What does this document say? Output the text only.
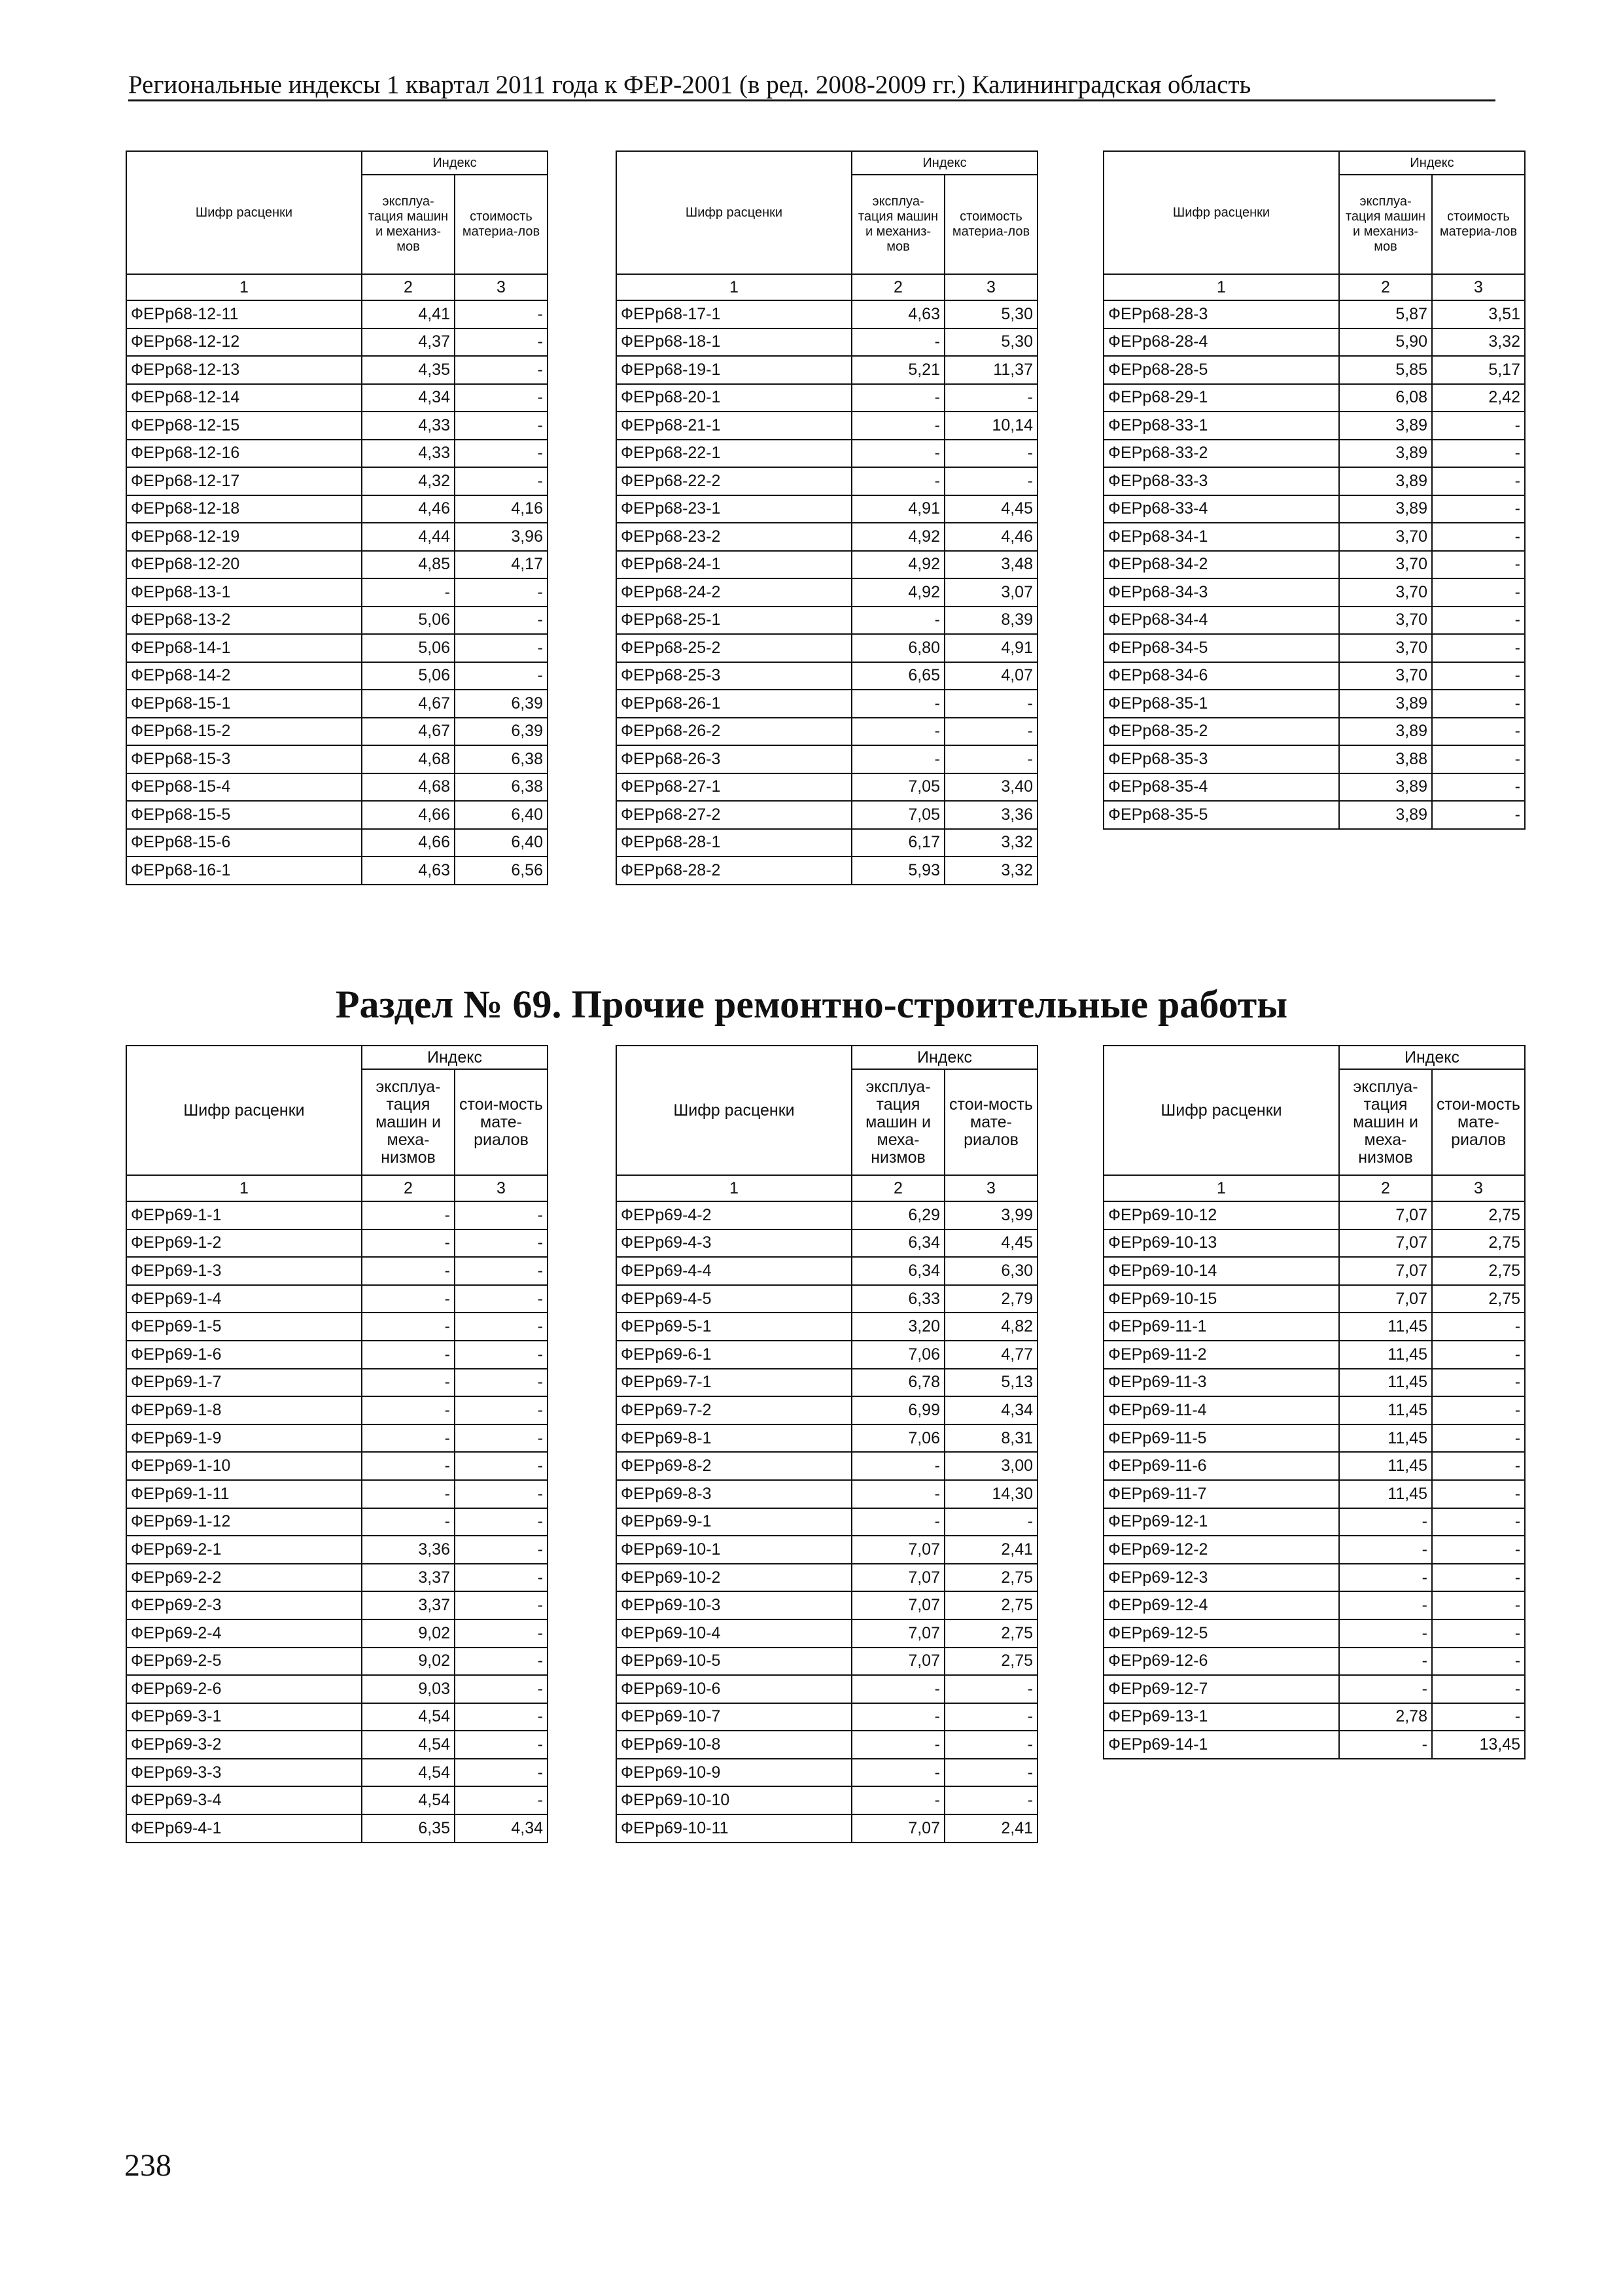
Региональные индексы 1 квартал 2011 года к ФЕР-2001 (в ред. 2008-2009 гг.) Калининградская область
Шифр расценки	Индекс	
	эксплуа-тация машин и механиз-мов	стоимость материа-лов
1	2	3
ФЕРр68-12-11	4,41	-
ФЕРр68-12-12	4,37	-
ФЕРр68-12-13	4,35	-
ФЕРр68-12-14	4,34	-
ФЕРр68-12-15	4,33	-
ФЕРр68-12-16	4,33	-
ФЕРр68-12-17	4,32	-
ФЕРр68-12-18	4,46	4,16
ФЕРр68-12-19	4,44	3,96
ФЕРр68-12-20	4,85	4,17
ФЕРр68-13-1	-	-
ФЕРр68-13-2	5,06	-
ФЕРр68-14-1	5,06	-
ФЕРр68-14-2	5,06	-
ФЕРр68-15-1	4,67	6,39
ФЕРр68-15-2	4,67	6,39
ФЕРр68-15-3	4,68	6,38
ФЕРр68-15-4	4,68	6,38
ФЕРр68-15-5	4,66	6,40
ФЕРр68-15-6	4,66	6,40
ФЕРр68-16-1	4,63	6,56
Шифр расценки	Индекс	
	эксплуа-тация машин и механиз-мов	стоимость материа-лов
1	2	3
ФЕРр68-17-1	4,63	5,30
ФЕРр68-18-1	-	5,30
ФЕРр68-19-1	5,21	11,37
ФЕРр68-20-1	-	-
ФЕРр68-21-1	-	10,14
ФЕРр68-22-1	-	-
ФЕРр68-22-2	-	-
ФЕРр68-23-1	4,91	4,45
ФЕРр68-23-2	4,92	4,46
ФЕРр68-24-1	4,92	3,48
ФЕРр68-24-2	4,92	3,07
ФЕРр68-25-1	-	8,39
ФЕРр68-25-2	6,80	4,91
ФЕРр68-25-3	6,65	4,07
ФЕРр68-26-1	-	-
ФЕРр68-26-2	-	-
ФЕРр68-26-3	-	-
ФЕРр68-27-1	7,05	3,40
ФЕРр68-27-2	7,05	3,36
ФЕРр68-28-1	6,17	3,32
ФЕРр68-28-2	5,93	3,32
Шифр расценки	Индекс	
	эксплуа-тация машин и механиз-мов	стоимость материа-лов
1	2	3
ФЕРр68-28-3	5,87	3,51
ФЕРр68-28-4	5,90	3,32
ФЕРр68-28-5	5,85	5,17
ФЕРр68-29-1	6,08	2,42
ФЕРр68-33-1	3,89	-
ФЕРр68-33-2	3,89	-
ФЕРр68-33-3	3,89	-
ФЕРр68-33-4	3,89	-
ФЕРр68-34-1	3,70	-
ФЕРр68-34-2	3,70	-
ФЕРр68-34-3	3,70	-
ФЕРр68-34-4	3,70	-
ФЕРр68-34-5	3,70	-
ФЕРр68-34-6	3,70	-
ФЕРр68-35-1	3,89	-
ФЕРр68-35-2	3,89	-
ФЕРр68-35-3	3,88	-
ФЕРр68-35-4	3,89	-
ФЕРр68-35-5	3,89	-
Раздел № 69. Прочие ремонтно-строительные работы
Шифр расценки	Индекс	
	эксплуа-тация машин и меха-низмов	стои-мость мате-риалов
1	2	3
ФЕРр69-1-1	-	-
ФЕРр69-1-2	-	-
ФЕРр69-1-3	-	-
ФЕРр69-1-4	-	-
ФЕРр69-1-5	-	-
ФЕРр69-1-6	-	-
ФЕРр69-1-7	-	-
ФЕРр69-1-8	-	-
ФЕРр69-1-9	-	-
ФЕРр69-1-10	-	-
ФЕРр69-1-11	-	-
ФЕРр69-1-12	-	-
ФЕРр69-2-1	3,36	-
ФЕРр69-2-2	3,37	-
ФЕРр69-2-3	3,37	-
ФЕРр69-2-4	9,02	-
ФЕРр69-2-5	9,02	-
ФЕРр69-2-6	9,03	-
ФЕРр69-3-1	4,54	-
ФЕРр69-3-2	4,54	-
ФЕРр69-3-3	4,54	-
ФЕРр69-3-4	4,54	-
ФЕРр69-4-1	6,35	4,34
Шифр расценки	Индекс	
	эксплуа-тация машин и меха-низмов	стои-мость мате-риалов
1	2	3
ФЕРр69-4-2	6,29	3,99
ФЕРр69-4-3	6,34	4,45
ФЕРр69-4-4	6,34	6,30
ФЕРр69-4-5	6,33	2,79
ФЕРр69-5-1	3,20	4,82
ФЕРр69-6-1	7,06	4,77
ФЕРр69-7-1	6,78	5,13
ФЕРр69-7-2	6,99	4,34
ФЕРр69-8-1	7,06	8,31
ФЕРр69-8-2	-	3,00
ФЕРр69-8-3	-	14,30
ФЕРр69-9-1	-	-
ФЕРр69-10-1	7,07	2,41
ФЕРр69-10-2	7,07	2,75
ФЕРр69-10-3	7,07	2,75
ФЕРр69-10-4	7,07	2,75
ФЕРр69-10-5	7,07	2,75
ФЕРр69-10-6	-	-
ФЕРр69-10-7	-	-
ФЕРр69-10-8	-	-
ФЕРр69-10-9	-	-
ФЕРр69-10-10	-	-
ФЕРр69-10-11	7,07	2,41
Шифр расценки	Индекс	
	эксплуа-тация машин и меха-низмов	стои-мость мате-риалов
1	2	3
ФЕРр69-10-12	7,07	2,75
ФЕРр69-10-13	7,07	2,75
ФЕРр69-10-14	7,07	2,75
ФЕРр69-10-15	7,07	2,75
ФЕРр69-11-1	11,45	-
ФЕРр69-11-2	11,45	-
ФЕРр69-11-3	11,45	-
ФЕРр69-11-4	11,45	-
ФЕРр69-11-5	11,45	-
ФЕРр69-11-6	11,45	-
ФЕРр69-11-7	11,45	-
ФЕРр69-12-1	-	-
ФЕРр69-12-2	-	-
ФЕРр69-12-3	-	-
ФЕРр69-12-4	-	-
ФЕРр69-12-5	-	-
ФЕРр69-12-6	-	-
ФЕРр69-12-7	-	-
ФЕРр69-13-1	2,78	-
ФЕРр69-14-1	-	13,45
238
